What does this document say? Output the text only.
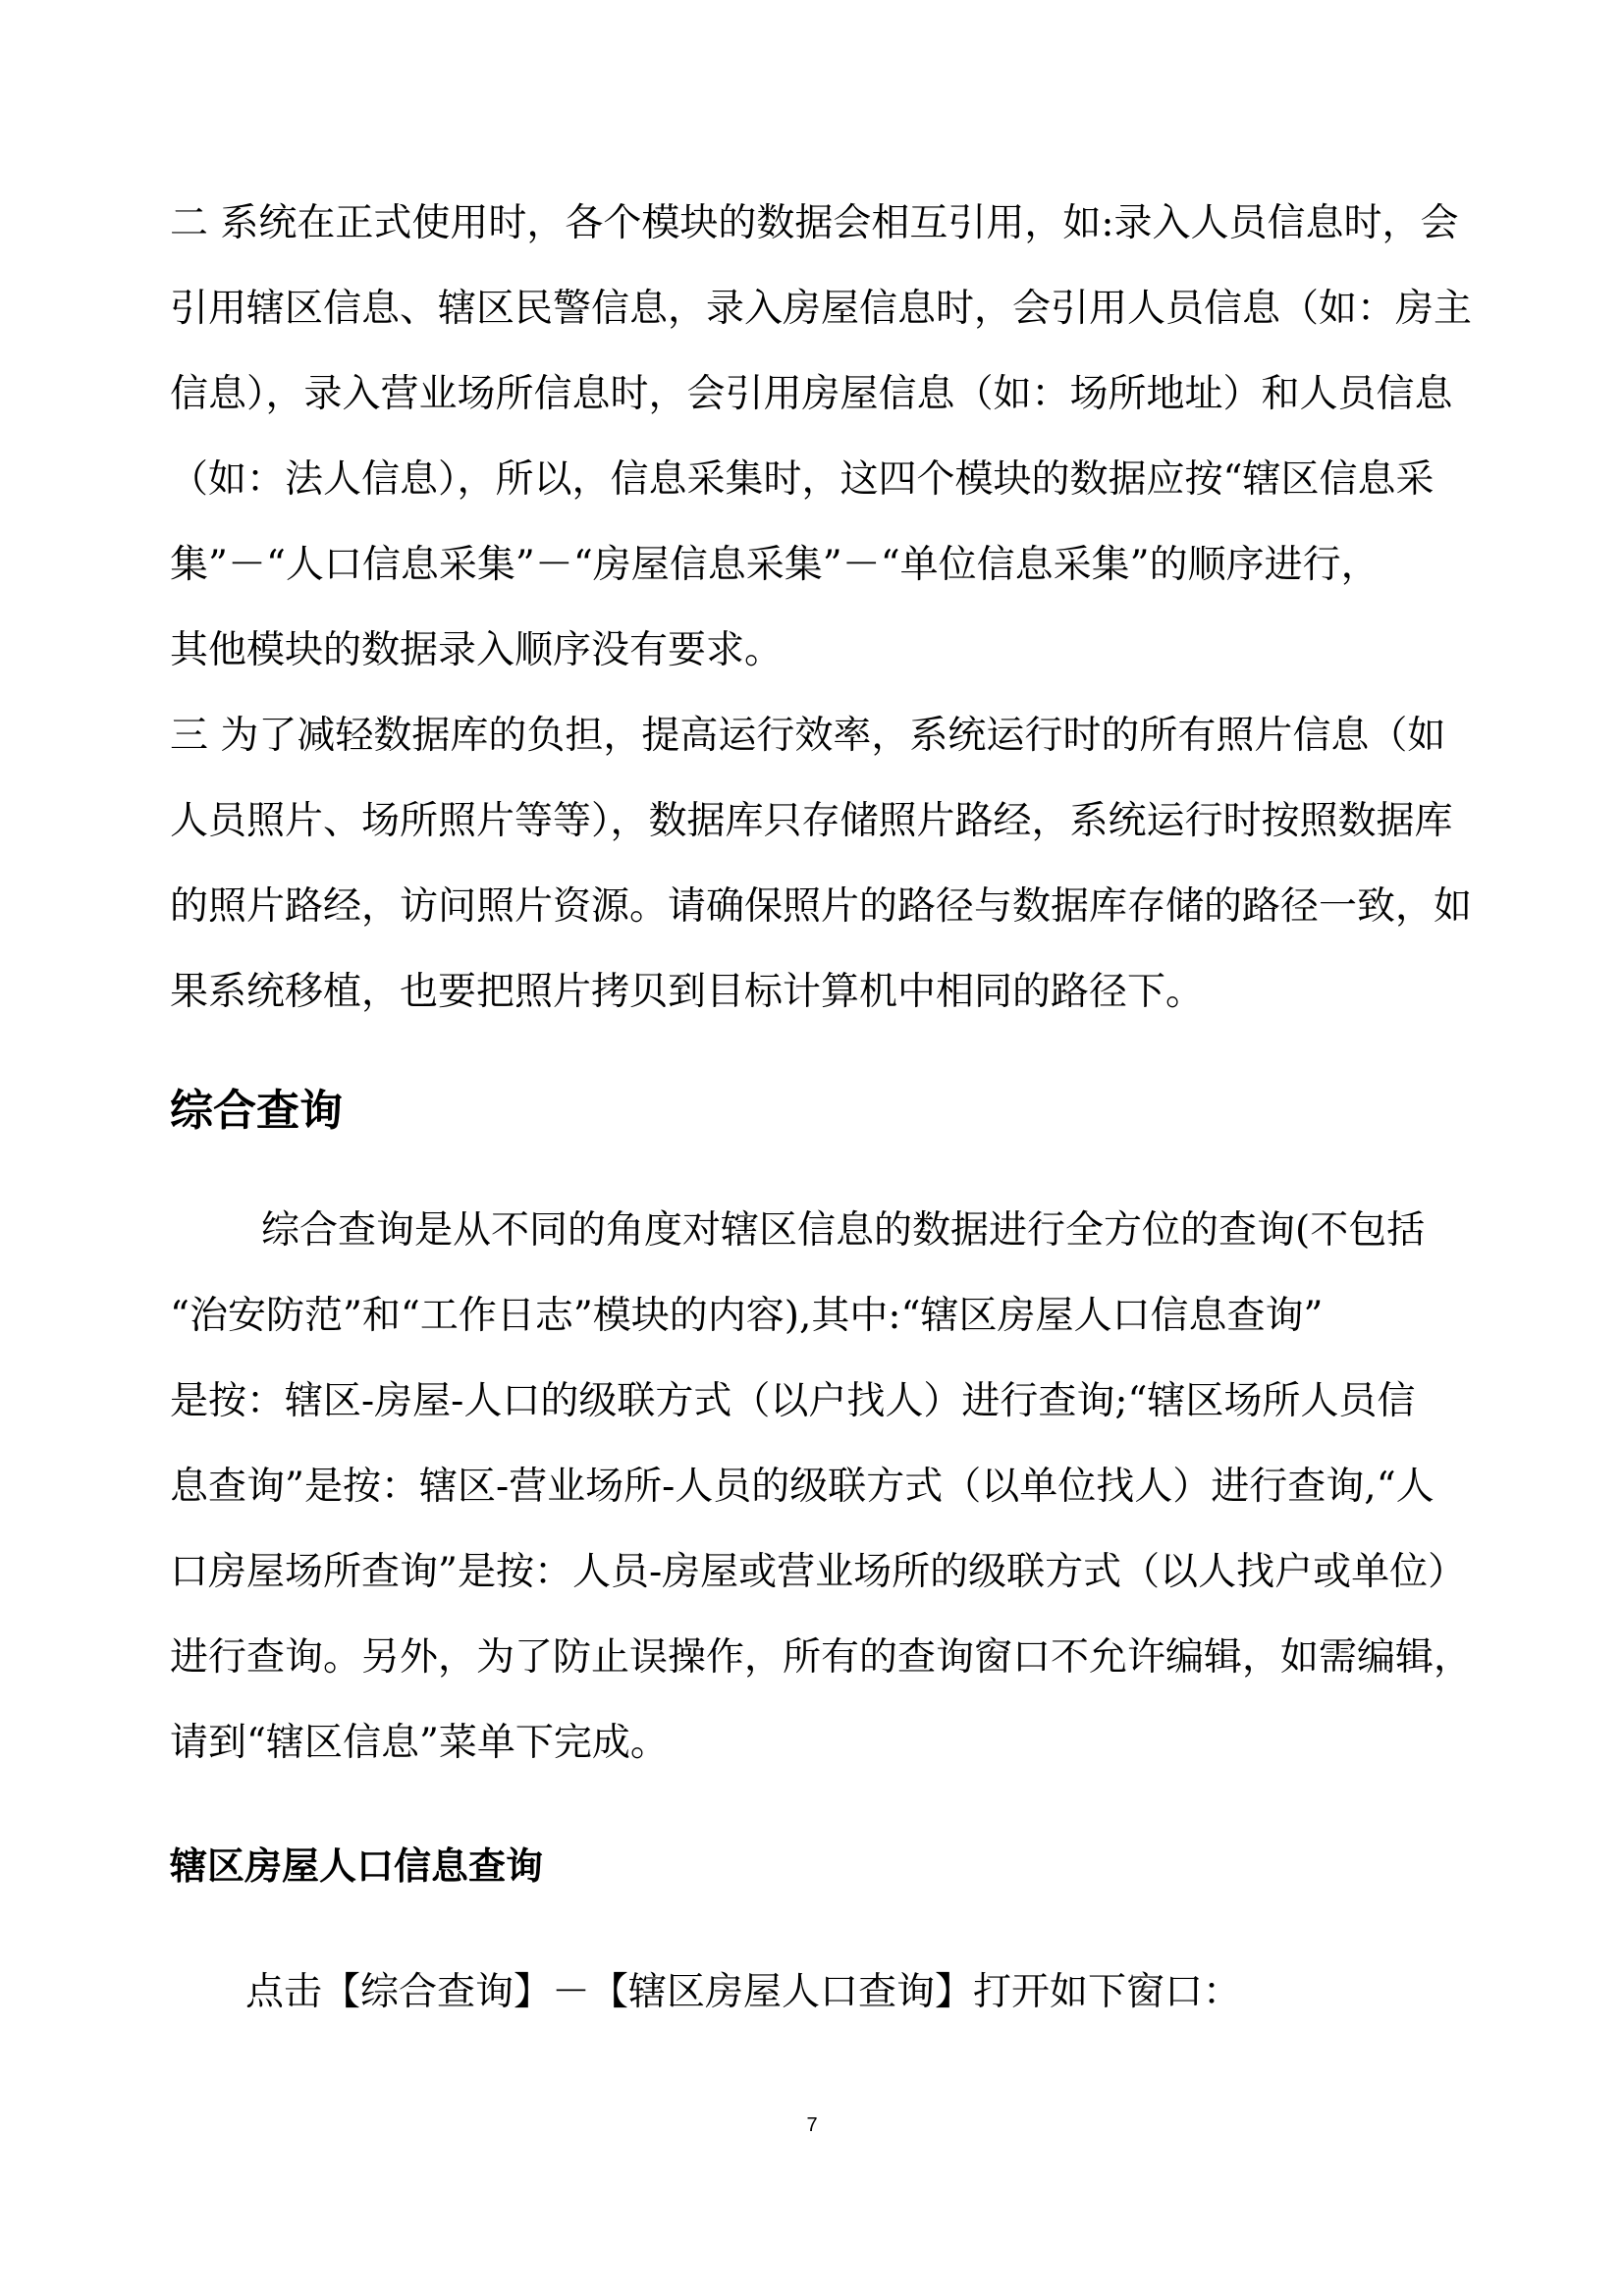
二 系统在正式使用时，各个模块的数据会相互引用，如:录入人员信息时，会
引用辖区信息、辖区民警信息，录入房屋信息时，会引用人员信息（如：房主
信息），录入营业场所信息时，会引用房屋信息（如：场所地址）和人员信息
（如：法人信息），所以，信息采集时，这四个模块的数据应按“辖区信息采
集”－“人口信息采集”－“房屋信息采集”－“单位信息采集”的顺序进行，
其他模块的数据录入顺序没有要求。
三 为了减轻数据库的负担，提高运行效率，系统运行时的所有照片信息（如
人员照片、场所照片等等），数据库只存储照片路经，系统运行时按照数据库
的照片路经，访问照片资源。请确保照片的路径与数据库存储的路径一致，如
果系统移植，也要把照片拷贝到目标计算机中相同的路径下。
综合查询
综合查询是从不同的角度对辖区信息的数据进行全方位的查询(不包括
“治安防范”和“工作日志”模块的内容),其中:“辖区房屋人口信息查询”
是按：辖区-房屋-人口的级联方式（以户找人）进行查询;“辖区场所人员信
息查询”是按：辖区-营业场所-人员的级联方式（以单位找人）进行查询,“人
口房屋场所查询”是按：人员-房屋或营业场所的级联方式（以人找户或单位）
进行查询。另外，为了防止误操作，所有的查询窗口不允许编辑，如需编辑，
请到“辖区信息”菜单下完成。
辖区房屋人口信息查询
点击【综合查询】－【辖区房屋人口查询】打开如下窗口：
7
